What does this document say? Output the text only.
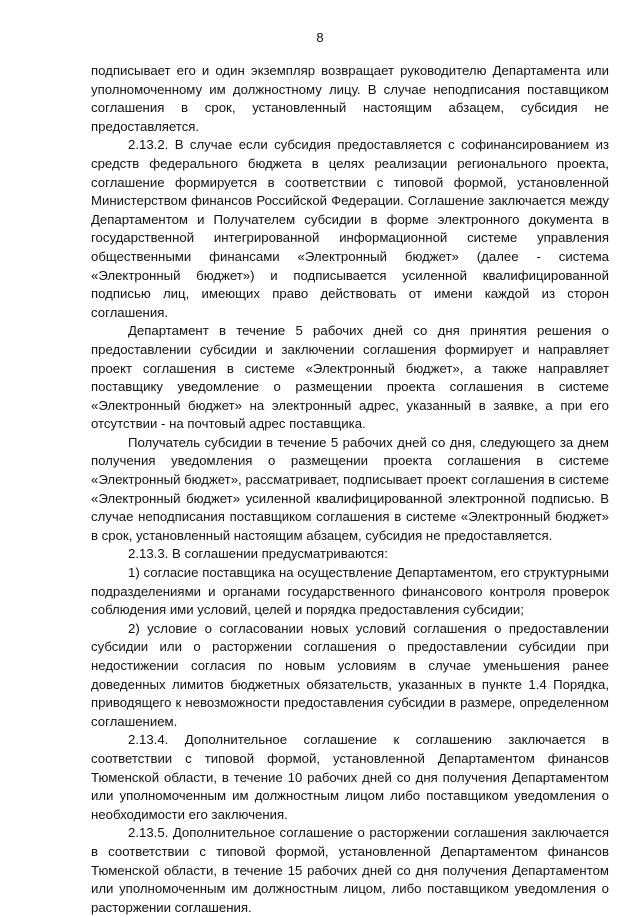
8

подписывает его и один экземпляр возвращает руководителю Департамента или уполномоченному им должностному лицу. В случае неподписания поставщиком соглашения в срок, установленный настоящим абзацем, субсидия не предоставляется.

2.13.2. В случае если субсидия предоставляется с софинансированием из средств федерального бюджета в целях реализации регионального проекта, соглашение формируется в соответствии с типовой формой, установленной Министерством финансов Российской Федерации. Соглашение заключается между Департаментом и Получателем субсидии в форме электронного документа в государственной интегрированной информационной системе управления общественными финансами «Электронный бюджет» (далее - система «Электронный бюджет») и подписывается усиленной квалифицированной подписью лиц, имеющих право действовать от имени каждой из сторон соглашения.

Департамент в течение 5 рабочих дней со дня принятия решения о предоставлении субсидии и заключении соглашения формирует и направляет проект соглашения в системе «Электронный бюджет», а также направляет поставщику уведомление о размещении проекта соглашения в системе «Электронный бюджет» на электронный адрес, указанный в заявке, а при его отсутствии - на почтовый адрес поставщика.

Получатель субсидии в течение 5 рабочих дней со дня, следующего за днем получения уведомления о размещении проекта соглашения в системе «Электронный бюджет», рассматривает, подписывает проект соглашения в системе «Электронный бюджет» усиленной квалифицированной электронной подписью. В случае неподписания поставщиком соглашения в системе «Электронный бюджет» в срок, установленный настоящим абзацем, субсидия не предоставляется.

2.13.3. В соглашении предусматриваются:

1) согласие поставщика на осуществление Департаментом, его структурными подразделениями и органами государственного финансового контроля проверок соблюдения ими условий, целей и порядка предоставления субсидии;

2) условие о согласовании новых условий соглашения о предоставлении субсидии или о расторжении соглашения о предоставлении субсидии при недостижении согласия по новым условиям в случае уменьшения ранее доведенных лимитов бюджетных обязательств, указанных в пункте 1.4 Порядка, приводящего к невозможности предоставления субсидии в размере, определенном соглашением.

2.13.4. Дополнительное соглашение к соглашению заключается в соответствии с типовой формой, установленной Департаментом финансов Тюменской области, в течение 10 рабочих дней со дня получения Департаментом или уполномоченным им должностным лицом либо поставщиком уведомления о необходимости его заключения.

2.13.5. Дополнительное соглашение о расторжении соглашения заключается в соответствии с типовой формой, установленной Департаментом финансов Тюменской области, в течение 15 рабочих дней со дня получения Департаментом или уполномоченным им должностным лицом, либо поставщиком уведомления о расторжении соглашения.
